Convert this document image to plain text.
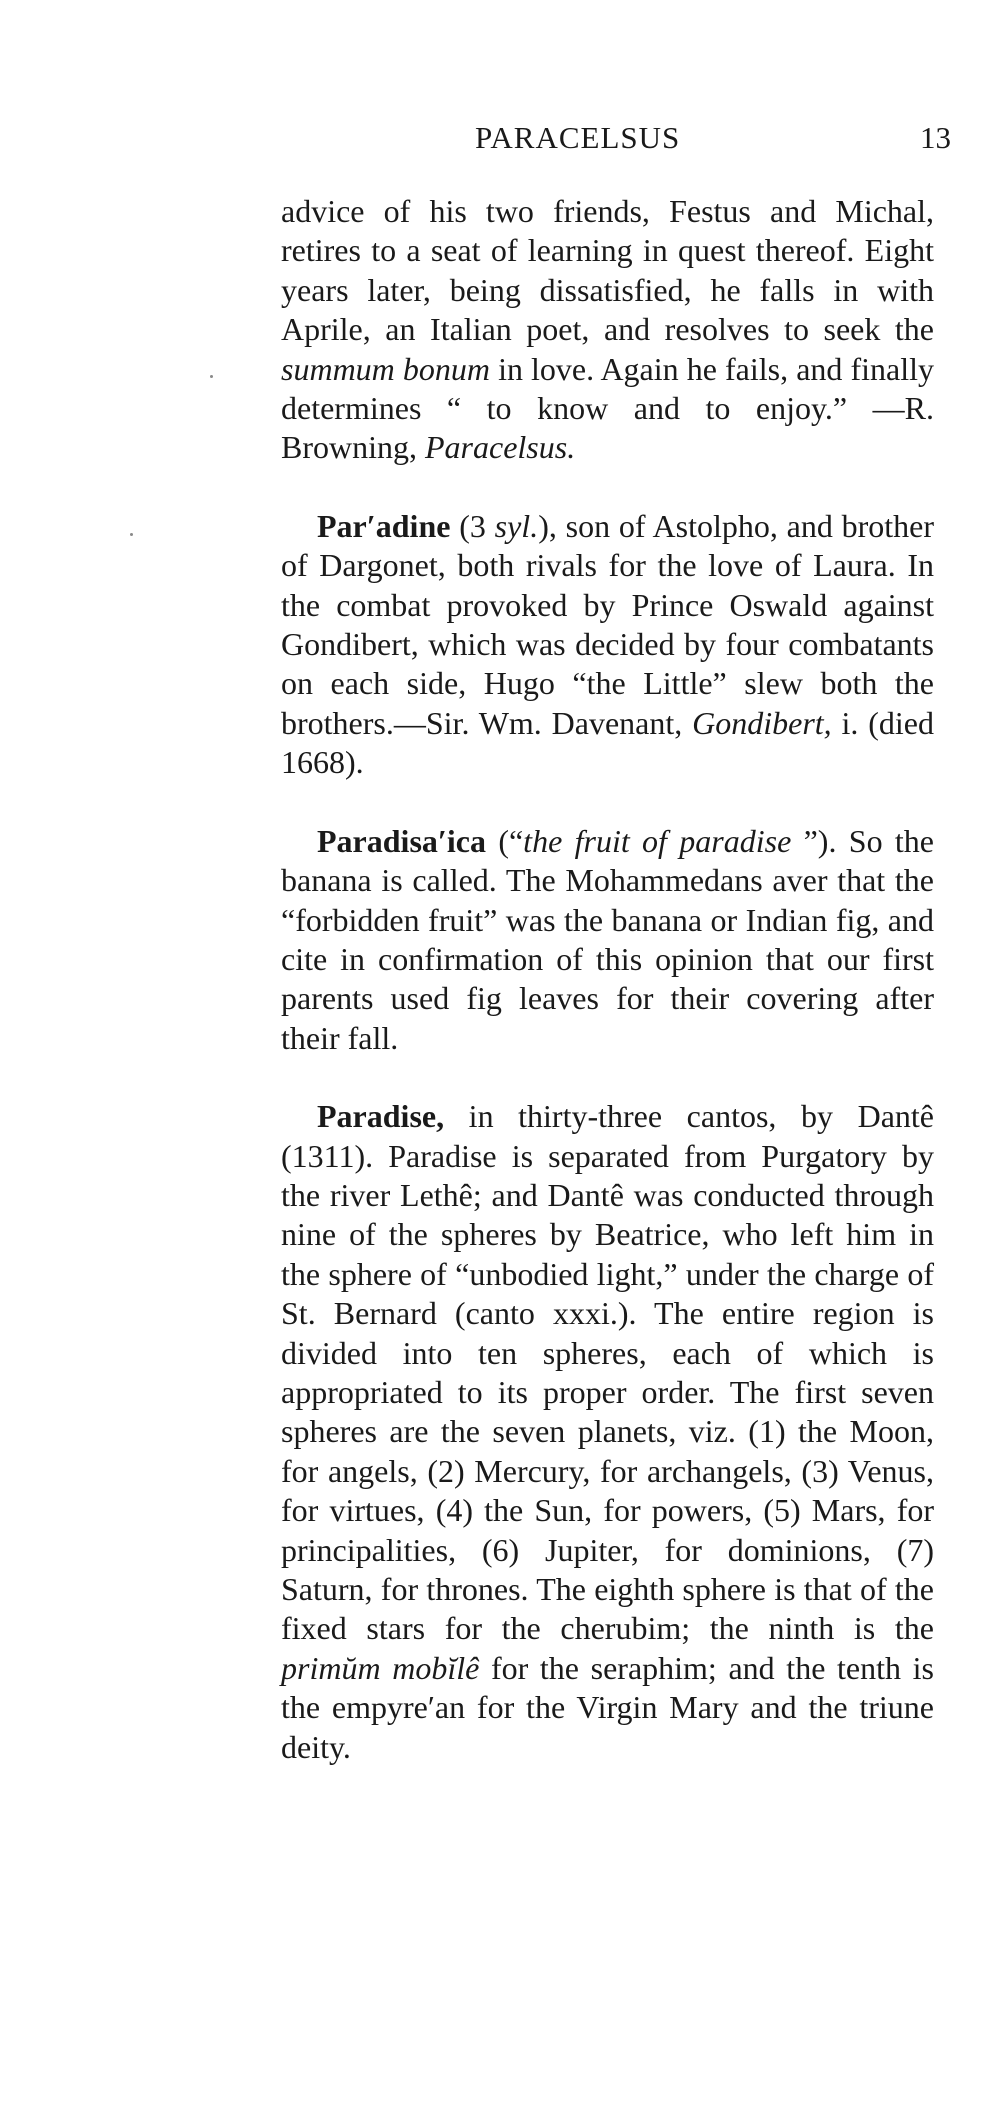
PARACELSUS	13

advice of his two friends, Festus and Michal, retires to a seat of learning in quest thereof. Eight years later, being dissatisfied, he falls in with Aprile, an Italian poet, and resolves to seek the summum bonum in love. Again he fails, and finally determines “ to know and to enjoy.” —R. Browning, Paracelsus.

Par′adine (3 syl.), son of Astolpho, and brother of Dargonet, both rivals for the love of Laura. In the combat provoked by Prince Oswald against Gondibert, which was decided by four combatants on each side, Hugo “the Little” slew both the brothers.—Sir. Wm. Davenant, Gondibert, i. (died 1668).

Paradisa′ica (“the fruit of paradise ”). So the banana is called. The Mohammedans aver that the “forbidden fruit” was the banana or Indian fig, and cite in confirmation of this opinion that our first parents used fig leaves for their covering after their fall.

Paradise, in thirty-three cantos, by Dantê (1311). Paradise is separated from Purgatory by the river Lethê; and Dantê was conducted through nine of the spheres by Beatrice, who left him in the sphere of “unbodied light,” under the charge of St. Bernard (canto xxxi.). The entire region is divided into ten spheres, each of which is appropriated to its proper order. The first seven spheres are the seven planets, viz. (1) the Moon, for angels, (2) Mercury, for archangels, (3) Venus, for virtues, (4) the Sun, for powers, (5) Mars, for principalities, (6) Jupiter, for dominions, (7) Saturn, for thrones. The eighth sphere is that of the fixed stars for the cherubim; the ninth is the primŭm mobĭlê for the seraphim; and the tenth is the empyre′an for the Virgin Mary and the triune deity.
